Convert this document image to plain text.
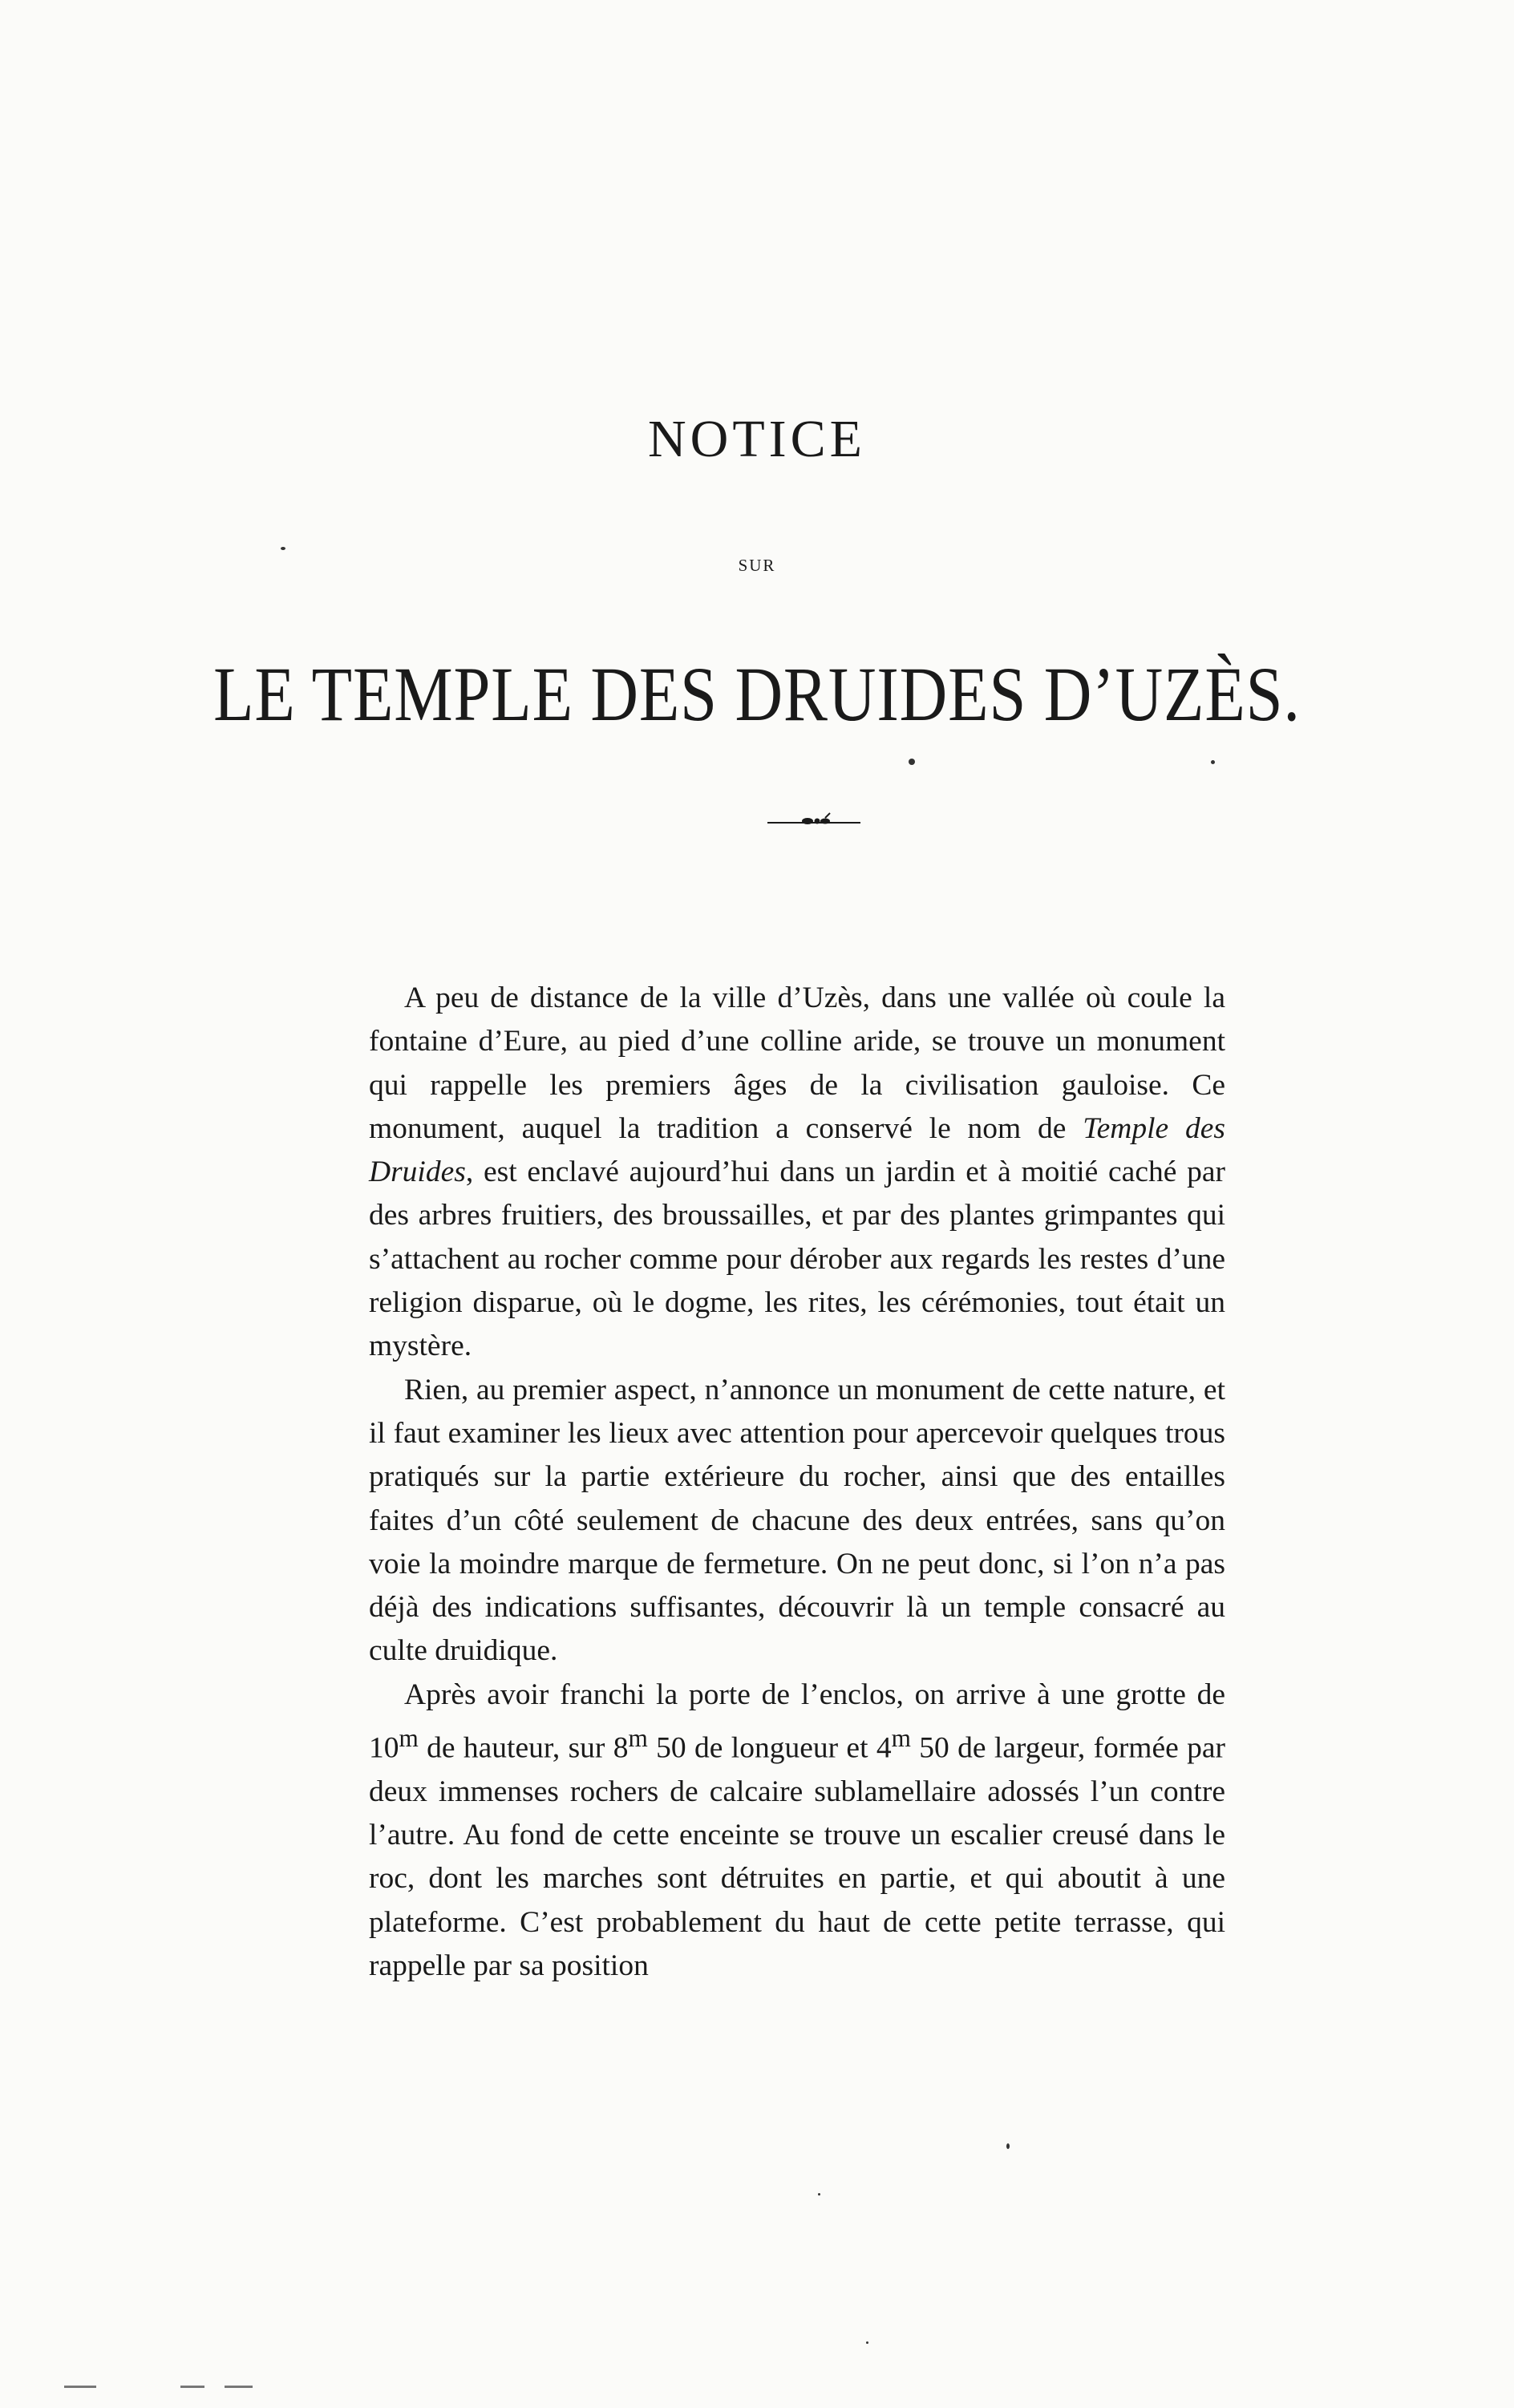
NOTICE
SUR
LE TEMPLE DES DRUIDES D’UZÈS.

A peu de distance de la ville d’Uzès, dans une vallée où coule la fontaine d’Eure, au pied d’une colline aride, se trouve un monument qui rappelle les premiers âges de la civilisation gauloise. Ce monument, auquel la tradition a conservé le nom de Temple des Druides, est enclavé aujourd’hui dans un jardin et à moitié caché par des arbres fruitiers, des broussailles, et par des plantes grimpantes qui s’attachent au rocher comme pour dérober aux regards les restes d’une religion disparue, où le dogme, les rites, les cérémonies, tout était un mystère.

Rien, au premier aspect, n’annonce un monument de cette nature, et il faut examiner les lieux avec attention pour apercevoir quelques trous pratiqués sur la partie extérieure du rocher, ainsi que des entailles faites d’un côté seulement de chacune des deux entrées, sans qu’on voie la moindre marque de fermeture. On ne peut donc, si l’on n’a pas déjà des indications suffisantes, découvrir là un temple consacré au culte druidique.

Après avoir franchi la porte de l’enclos, on arrive à une grotte de 10$^m$ de hauteur, sur 8$^m$ 50 de longueur et 4$^m$ 50 de largeur, formée par deux immenses rochers de calcaire sublamellaire adossés l’un contre l’autre. Au fond de cette enceinte se trouve un escalier creusé dans le roc, dont les marches sont détruites en partie, et qui aboutit à une plateforme. C’est probablement du haut de cette petite terrasse, qui rappelle par sa position
